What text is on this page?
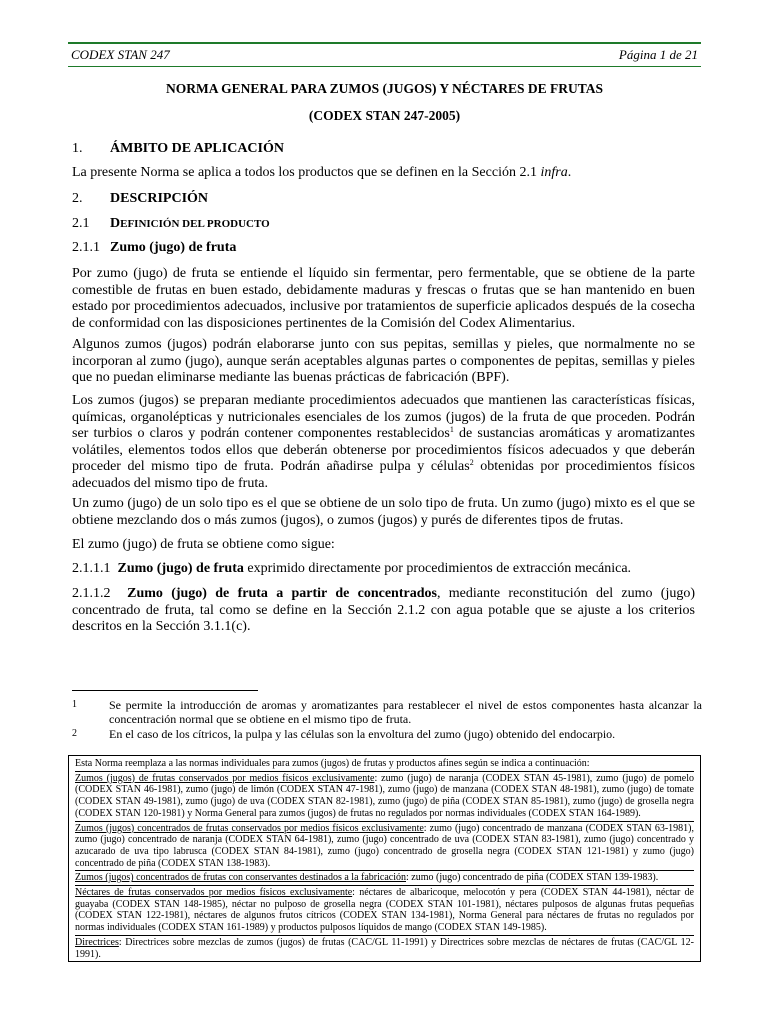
CODEX STAN 247	Página 1 de 21
NORMA GENERAL PARA ZUMOS (JUGOS) Y NÉCTARES DE FRUTAS
(CODEX STAN 247-2005)
1. ÁMBITO DE APLICACIÓN
La presente Norma se aplica a todos los productos que se definen en la Sección 2.1 infra.
2. DESCRIPCIÓN
2.1 DEFINICIÓN DEL PRODUCTO
2.1.1 Zumo (jugo) de fruta
Por zumo (jugo) de fruta se entiende el líquido sin fermentar, pero fermentable, que se obtiene de la parte comestible de frutas en buen estado, debidamente maduras y frescas o frutas que se han mantenido en buen estado por procedimientos adecuados, inclusive por tratamientos de superficie aplicados después de la cosecha de conformidad con las disposiciones pertinentes de la Comisión del Codex Alimentarius.
Algunos zumos (jugos) podrán elaborarse junto con sus pepitas, semillas y pieles, que normalmente no se incorporan al zumo (jugo), aunque serán aceptables algunas partes o componentes de pepitas, semillas y pieles que no puedan eliminarse mediante las buenas prácticas de fabricación (BPF).
Los zumos (jugos) se preparan mediante procedimientos adecuados que mantienen las características físicas, químicas, organolépticas y nutricionales esenciales de los zumos (jugos) de la fruta de que proceden. Podrán ser turbios o claros y podrán contener componentes restablecidos$^1$ de sustancias aromáticas y aromatizantes volátiles, elementos todos ellos que deberán obtenerse por procedimientos físicos adecuados y que deberán proceder del mismo tipo de fruta. Podrán añadirse pulpa y células$^2$ obtenidas por procedimientos físicos adecuados del mismo tipo de fruta.
Un zumo (jugo) de un solo tipo es el que se obtiene de un solo tipo de fruta. Un zumo (jugo) mixto es el que se obtiene mezclando dos o más zumos (jugos), o zumos (jugos) y purés de diferentes tipos de frutas.
El zumo (jugo) de fruta se obtiene como sigue:
2.1.1.1 Zumo (jugo) de fruta exprimido directamente por procedimientos de extracción mecánica.
2.1.1.2 Zumo (jugo) de fruta a partir de concentrados, mediante reconstitución del zumo (jugo) concentrado de fruta, tal como se define en la Sección 2.1.2 con agua potable que se ajuste a los criterios descritos en la Sección 3.1.1(c).
1	Se permite la introducción de aromas y aromatizantes para restablecer el nivel de estos componentes hasta alcanzar la concentración normal que se obtiene en el mismo tipo de fruta.
2	En el caso de los cítricos, la pulpa y las células son la envoltura del zumo (jugo) obtenido del endocarpio.

Esta Norma reemplaza a las normas individuales para zumos (jugos) de frutas y productos afines según se indica a continuación:

Zumos (jugos) de frutas conservados por medios físicos exclusivamente: zumo (jugo) de naranja (CODEX STAN 45-1981), zumo (jugo) de pomelo (CODEX STAN 46-1981), zumo (jugo) de limón (CODEX STAN 47-1981), zumo (jugo) de manzana (CODEX STAN 48-1981), zumo (jugo) de tomate (CODEX STAN 49-1981), zumo (jugo) de uva (CODEX STAN 82-1981), zumo (jugo) de piña (CODEX STAN 85-1981), zumo (jugo) de grosella negra (CODEX STAN 120-1981) y Norma General para zumos (jugos) de frutas no regulados por normas individuales (CODEX STAN 164-1989).

Zumos (jugos) concentrados de frutas conservados por medios físicos exclusivamente: zumo (jugo) concentrado de manzana (CODEX STAN 63-1981), zumo (jugo) concentrado de naranja (CODEX STAN 64-1981), zumo (jugo) concentrado de uva (CODEX STAN 83-1981), zumo (jugo) concentrado y azucarado de uva tipo labrusca (CODEX STAN 84-1981), zumo (jugo) concentrado de grosella negra (CODEX STAN 121-1981) y zumo (jugo) concentrado de piña (CODEX STAN 138-1983).

Zumos (jugos) concentrados de frutas con conservantes destinados a la fabricación: zumo (jugo) concentrado de piña (CODEX STAN 139-1983).

Néctares de frutas conservados por medios físicos exclusivamente: néctares de albaricoque, melocotón y pera (CODEX STAN 44-1981), néctar de guayaba (CODEX STAN 148-1985), néctar no pulposo de grosella negra (CODEX STAN 101-1981), néctares pulposos de algunas frutas pequeñas (CODEX STAN 122-1981), néctares de algunos frutos cítricos (CODEX STAN 134-1981), Norma General para néctares de frutas no regulados por normas individuales (CODEX STAN 161-1989) y productos pulposos líquidos de mango (CODEX STAN 149-1985).

Directrices: Directrices sobre mezclas de zumos (jugos) de frutas (CAC/GL 11-1991) y Directrices sobre mezclas de néctares de frutas (CAC/GL 12-1991).
